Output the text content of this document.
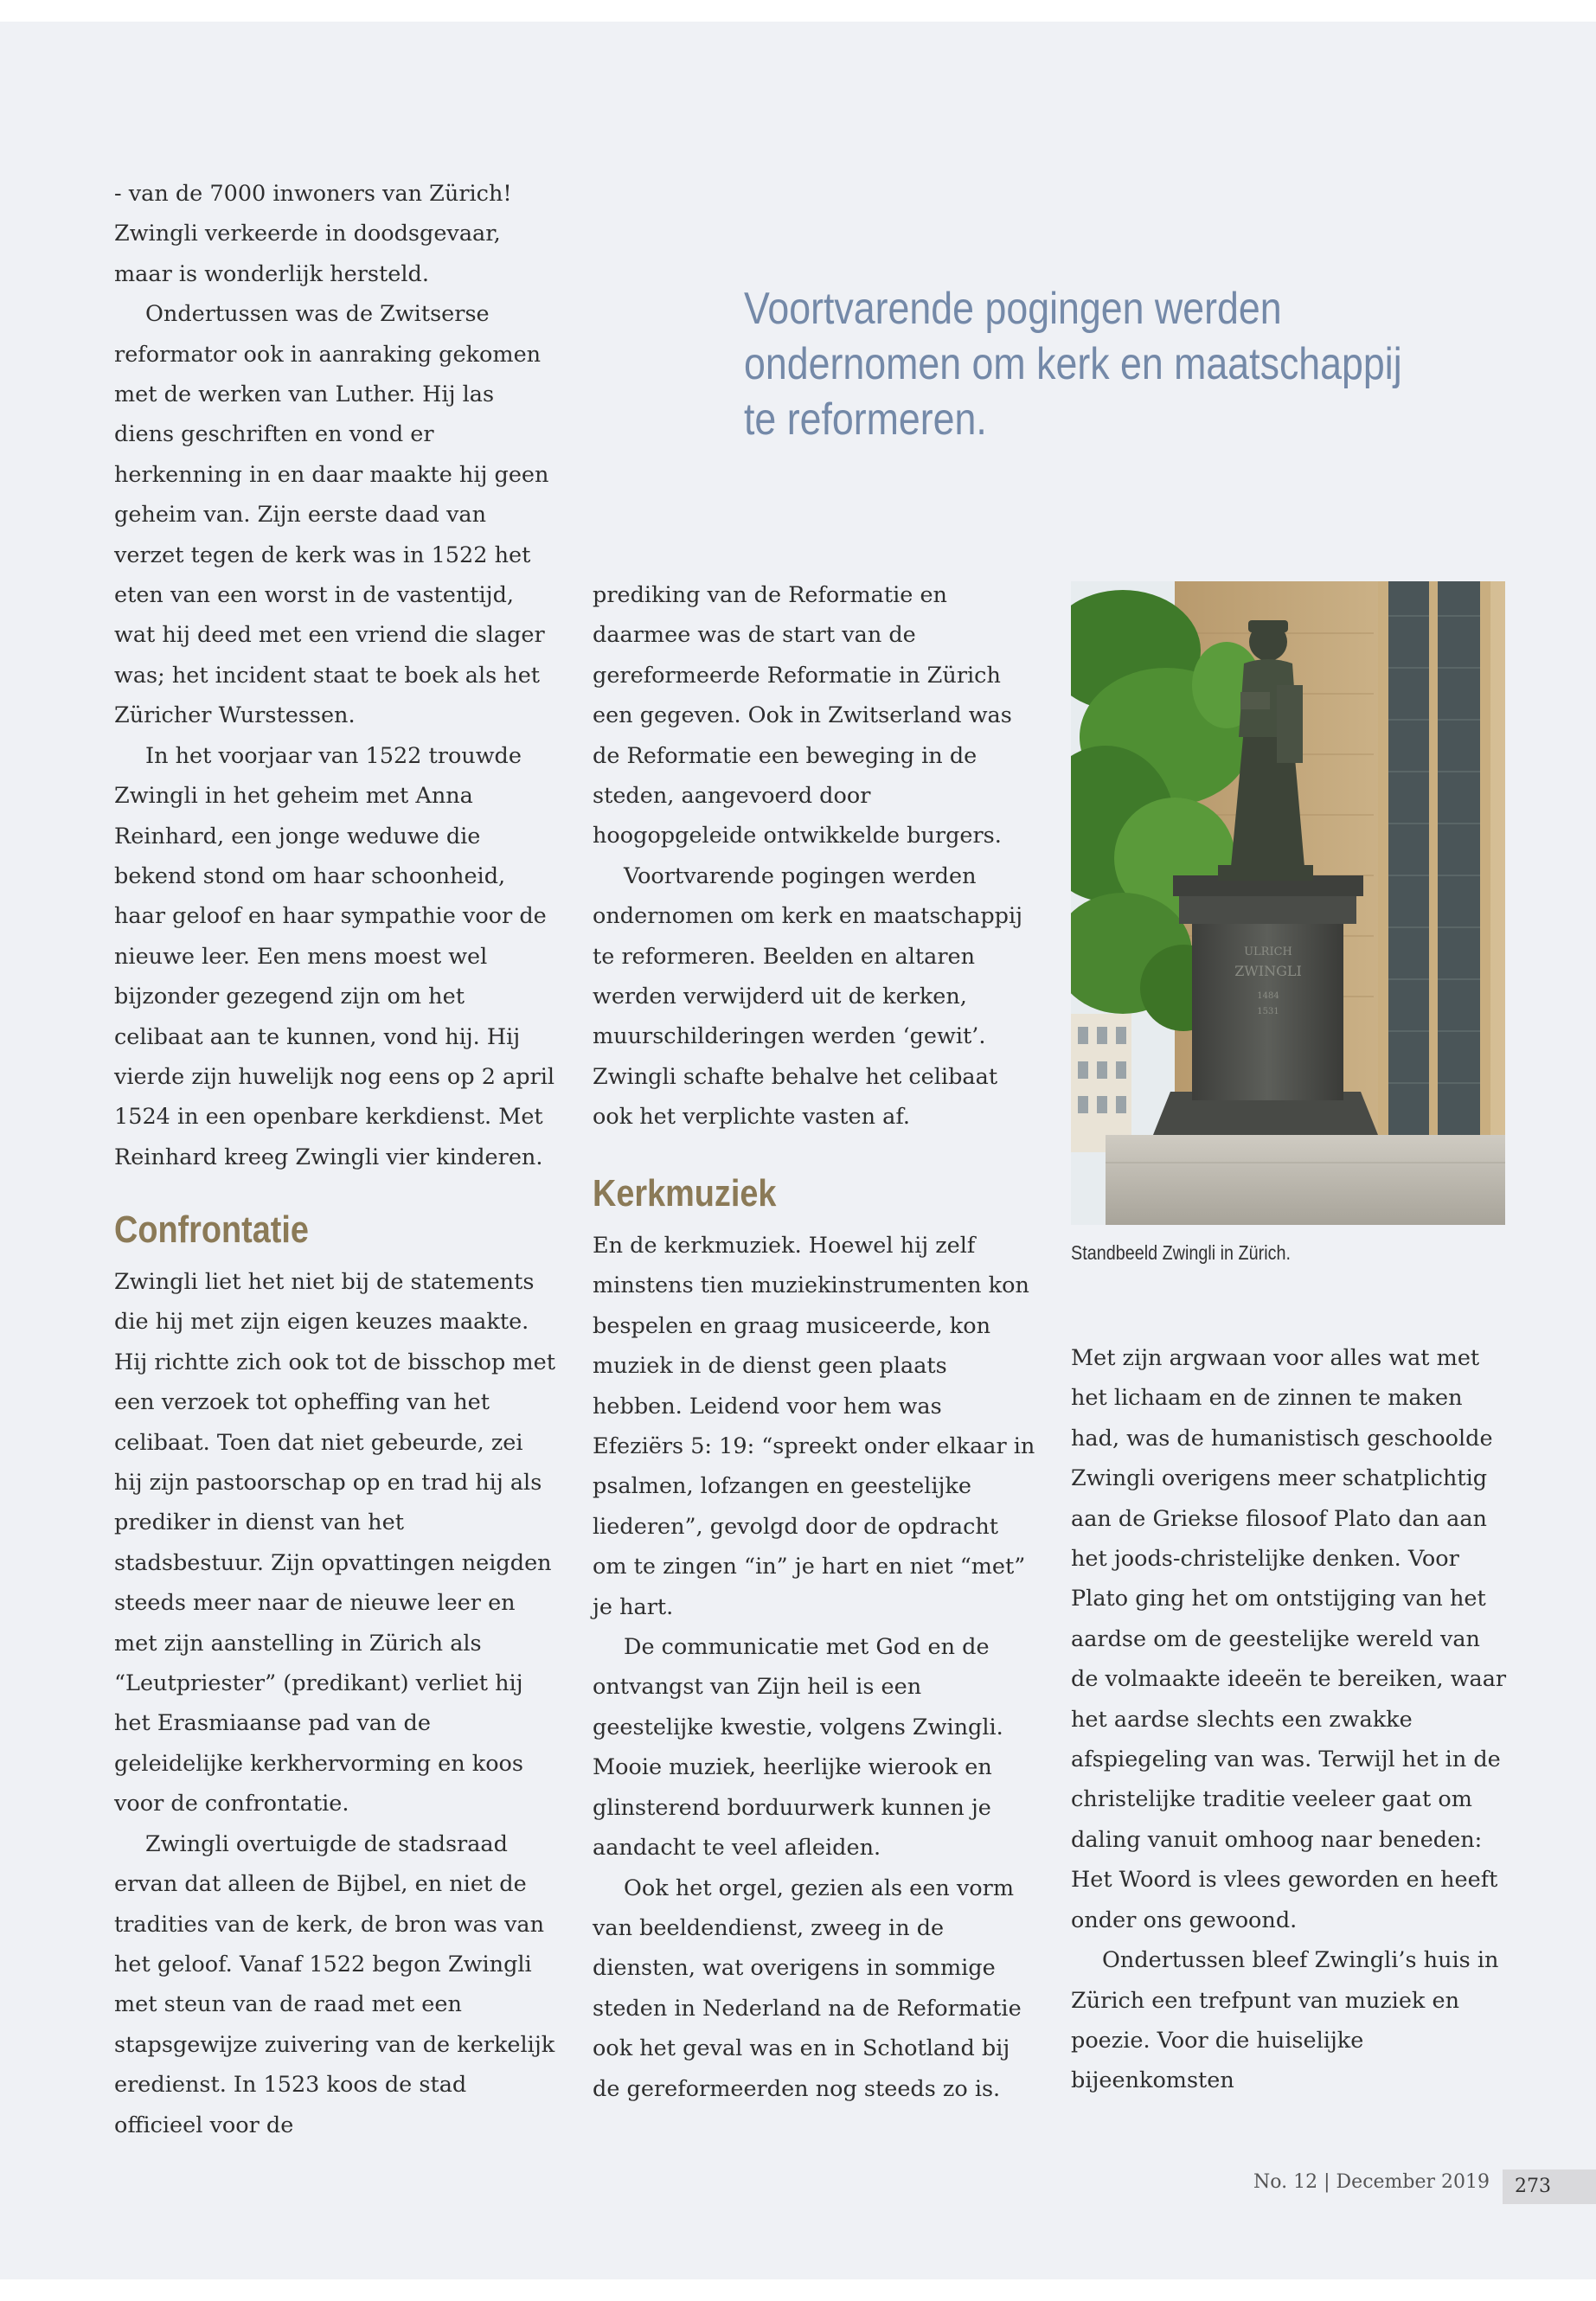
Voortvarende pogingen werden
ondernomen om kerk en maatschappij
te reformeren.

- van de 7000 inwoners van Zürich!
Zwingli verkeerde in doodsgevaar,
maar is wonderlijk hersteld.

Ondertussen was de Zwitserse reformator ook in aanraking gekomen met de werken van Luther. Hij las diens geschriften en vond er herkenning in en daar maakte hij geen geheim van. Zijn eerste daad van verzet tegen de kerk was in 1522 het eten van een worst in de vastentijd, wat hij deed met een vriend die slager was; het incident staat te boek als het Züricher Wurstessen.

In het voorjaar van 1522 trouwde Zwingli in het geheim met Anna Reinhard, een jonge weduwe die bekend stond om haar schoonheid, haar geloof en haar sympathie voor de nieuwe leer. Een mens moest wel bijzonder gezegend zijn om het celibaat aan te kunnen, vond hij. Hij vierde zijn huwelijk nog eens op 2 april 1524 in een openbare kerkdienst. Met Reinhard kreeg Zwingli vier kinderen.

Confrontatie

Zwingli liet het niet bij de statements die hij met zijn eigen keuzes maakte. Hij richtte zich ook tot de bisschop met een verzoek tot opheffing van het celibaat. Toen dat niet gebeurde, zei hij zijn pastoorschap op en trad hij als prediker in dienst van het stadsbestuur. Zijn opvattingen neigden steeds meer naar de nieuwe leer en met zijn aanstelling in Zürich als “Leutpriester” (predikant) verliet hij het Erasmiaanse pad van de geleidelijke kerkhervorming en koos voor de confrontatie.

Zwingli overtuigde de stadsraad ervan dat alleen de Bijbel, en niet de tradities van de kerk, de bron was van het geloof. Vanaf 1522 begon Zwingli met steun van de raad met een stapsgewijze zuivering van de kerkelijk eredienst. In 1523 koos de stad officieel voor de

prediking van de Reformatie en daarmee was de start van de gereformeerde Reformatie in Zürich een gegeven. Ook in Zwitserland was de Reformatie een beweging in de steden, aangevoerd door hoogopgeleide ontwikkelde burgers.

Voortvarende pogingen werden ondernomen om kerk en maatschappij te reformeren. Beelden en altaren werden verwijderd uit de kerken, muurschilderingen werden ‘gewit’. Zwingli schafte behalve het celibaat ook het verplichte vasten af.

Kerkmuziek

En de kerkmuziek. Hoewel hij zelf minstens tien muziekinstrumenten kon bespelen en graag musiceerde, kon muziek in de dienst geen plaats hebben. Leidend voor hem was Efeziërs 5: 19: “spreekt onder elkaar in psalmen, lofzangen en geestelijke liederen”, gevolgd door de opdracht om te zingen “in” je hart en niet “met” je hart.

De communicatie met God en de ontvangst van Zijn heil is een geestelijke kwestie, volgens Zwingli. Mooie muziek, heerlijke wierook en glinsterend borduurwerk kunnen je aandacht te veel afleiden.

Ook het orgel, gezien als een vorm van beeldendienst, zweeg in de diensten, wat overigens in sommige steden in Nederland na de Reformatie ook het geval was en in Schotland bij de gereformeerden nog steeds zo is.

ULRICH
ZWINGLI
1484
1531
Standbeeld Zwingli in Zürich.

Met zijn argwaan voor alles wat met het lichaam en de zinnen te maken had, was de humanistisch geschoolde Zwingli overigens meer schatplichtig aan de Griekse filosoof Plato dan aan het joods-christelijke denken. Voor Plato ging het om ontstijging van het aardse om de geestelijke wereld van de volmaakte ideeën te bereiken, waar het aardse slechts een zwakke afspiegeling van was. Terwijl het in de christelijke traditie veeleer gaat om daling vanuit omhoog naar beneden: Het Woord is vlees geworden en heeft onder ons gewoond.

Ondertussen bleef Zwingli’s huis in Zürich een trefpunt van muziek en poezie. Voor die huiselijke bijeenkomsten

No. 12 | December 2019	273
